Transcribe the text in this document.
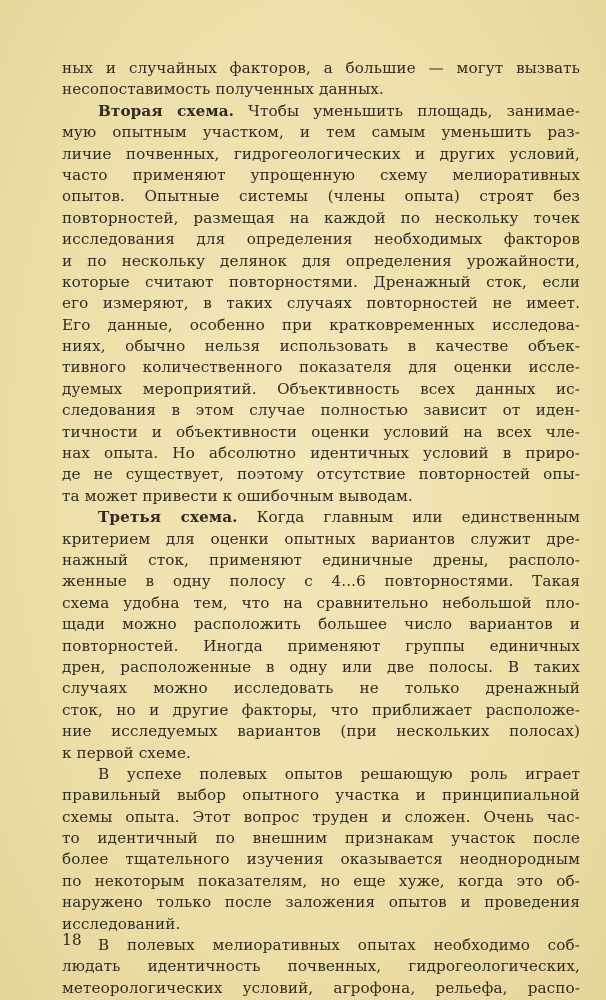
ных и случайных факторов, а большие — могут вызвать
несопоставимость полученных данных.
Вторая схема. Чтобы уменьшить площадь, занимае-
мую опытным участком, и тем самым уменьшить раз-
личие почвенных, гидрогеологических и других условий,
часто применяют упрощенную схему мелиоративных
опытов. Опытные системы (члены опыта) строят без
повторностей, размещая на каждой по нескольку точек
исследования для определения необходимых факторов
и по нескольку делянок для определения урожайности,
которые считают повторностями. Дренажный сток, если
его измеряют, в таких случаях повторностей не имеет.
Его данные, особенно при кратковременных исследова-
ниях, обычно нельзя использовать в качестве объек-
тивного количественного показателя для оценки иссле-
дуемых мероприятий. Объективность всех данных ис-
следования в этом случае полностью зависит от иден-
тичности и объективности оценки условий на всех чле-
нах опыта. Но абсолютно идентичных условий в приро-
де не существует, поэтому отсутствие повторностей опы-
та может привести к ошибочным выводам.
Третья схема. Когда главным или единственным
критерием для оценки опытных вариантов служит дре-
нажный сток, применяют единичные дрены, располо-
женные в одну полосу с 4...6 повторностями. Такая
схема удобна тем, что на сравнительно небольшой пло-
щади можно расположить большее число вариантов и
повторностей. Иногда применяют группы единичных
дрен, расположенные в одну или две полосы. В таких
случаях можно исследовать не только дренажный
сток, но и другие факторы, что приближает расположе-
ние исследуемых вариантов (при нескольких полосах)
к первой схеме.
В успехе полевых опытов решающую роль играет
правильный выбор опытного участка и принципиальной
схемы опыта. Этот вопрос труден и сложен. Очень час-
то идентичный по внешним признакам участок после
более тщательного изучения оказывается неоднородным
по некоторым показателям, но еще хуже, когда это об-
наружено только после заложения опытов и проведения
исследований.
В полевых мелиоративных опытах необходимо соб-
людать идентичность почвенных, гидрогеологических,
метеорологических условий, агрофона, рельефа, распо-
18
